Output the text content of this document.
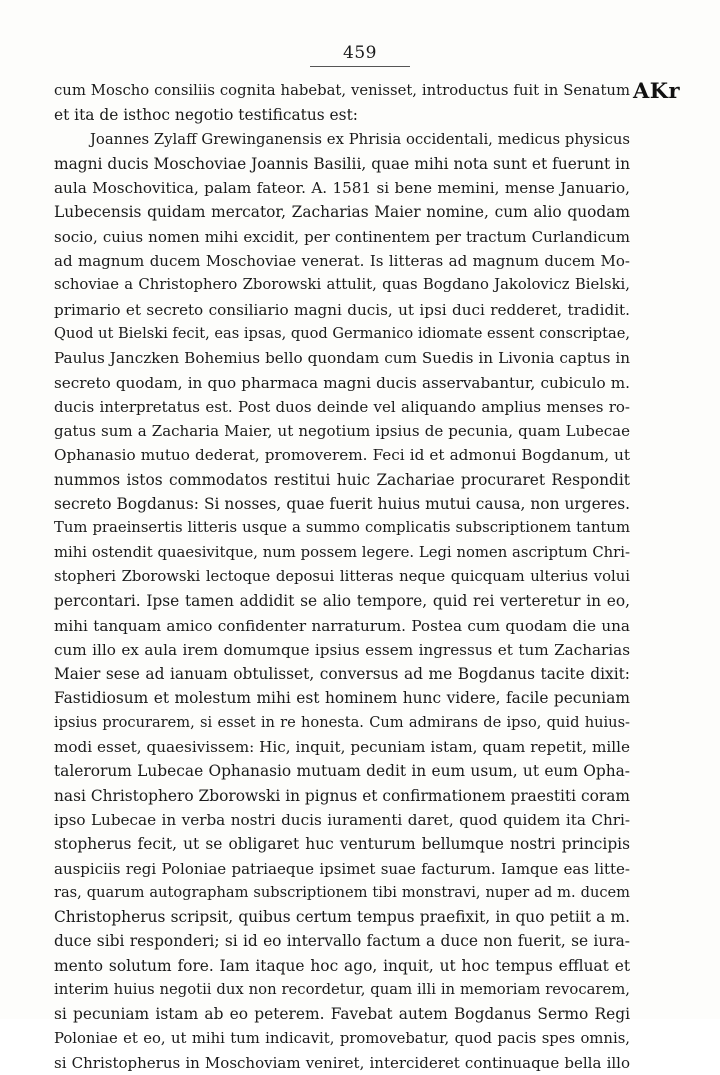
459
AKr
cum Moscho consiliis cognita habebat, venisset, introductus fuit in Senatum
et ita de isthoc negotio testificatus est:
Joannes Zylaff Grewinganensis ex Phrisia occidentali, medicus physicus
magni ducis Moschoviae Joannis Basilii, quae mihi nota sunt et fuerunt in
aula Moschovitica, palam fateor. A. 1581 si bene memini, mense Januario,
Lubecensis quidam mercator, Zacharias Maier nomine, cum alio quodam
socio, cuius nomen mihi excidit, per continentem per tractum Curlandicum
ad magnum ducem Moschoviae venerat. Is litteras ad magnum ducem Mo-
schoviae a Christophero Zborowski attulit, quas Bogdano Jakolovicz Bielski,
primario et secreto consiliario magni ducis, ut ipsi duci redderet, tradidit.
Quod ut Bielski fecit, eas ipsas, quod Germanico idiomate essent conscriptae,
Paulus Janczken Bohemius bello quondam cum Suedis in Livonia captus in
secreto quodam, in quo pharmaca magni ducis asservabantur, cubiculo m.
ducis interpretatus est. Post duos deinde vel aliquando amplius menses ro-
gatus sum a Zacharia Maier, ut negotium ipsius de pecunia, quam Lubecae
Ophanasio mutuo dederat, promoverem. Feci id et admonui Bogdanum, ut
nummos istos commodatos restitui huic Zachariae procuraret Respondit
secreto Bogdanus: Si nosses, quae fuerit huius mutui causa, non urgeres.
Tum praeinsertis litteris usque a summo complicatis subscriptionem tantum
mihi ostendit quaesivitque, num possem legere. Legi nomen ascriptum Chri-
stopheri Zborowski lectoque deposui litteras neque quicquam ulterius volui
percontari. Ipse tamen addidit se alio tempore, quid rei verteretur in eo,
mihi tanquam amico confidenter narraturum. Postea cum quodam die una
cum illo ex aula irem domumque ipsius essem ingressus et tum Zacharias
Maier sese ad ianuam obtulisset, conversus ad me Bogdanus tacite dixit:
Fastidiosum et molestum mihi est hominem hunc videre, facile pecuniam
ipsius procurarem, si esset in re honesta. Cum admirans de ipso, quid huius-
modi esset, quaesivissem: Hic, inquit, pecuniam istam, quam repetit, mille
talerorum Lubecae Ophanasio mutuam dedit in eum usum, ut eum Opha-
nasi Christophero Zborowski in pignus et confirmationem praestiti coram
ipso Lubecae in verba nostri ducis iuramenti daret, quod quidem ita Chri-
stopherus fecit, ut se obligaret huc venturum bellumque nostri principis
auspiciis regi Poloniae patriaeque ipsimet suae facturum. Iamque eas litte-
ras, quarum autographam subscriptionem tibi monstravi, nuper ad m. ducem
Christopherus scripsit, quibus certum tempus praefixit, in quo petiit a m.
duce sibi responderi; si id eo intervallo factum a duce non fuerit, se iura-
mento solutum fore. Iam itaque hoc ago, inquit, ut hoc tempus effluat et
interim huius negotii dux non recordetur, quam illi in memoriam revocarem,
si pecuniam istam ab eo peterem. Favebat autem Bogdanus Sermo Regi
Poloniae et eo, ut mihi tum indicavit, promovebatur, quod pacis spes omnis,
si Christopherus in Moschoviam veniret, intercideret continuaque bella illo
